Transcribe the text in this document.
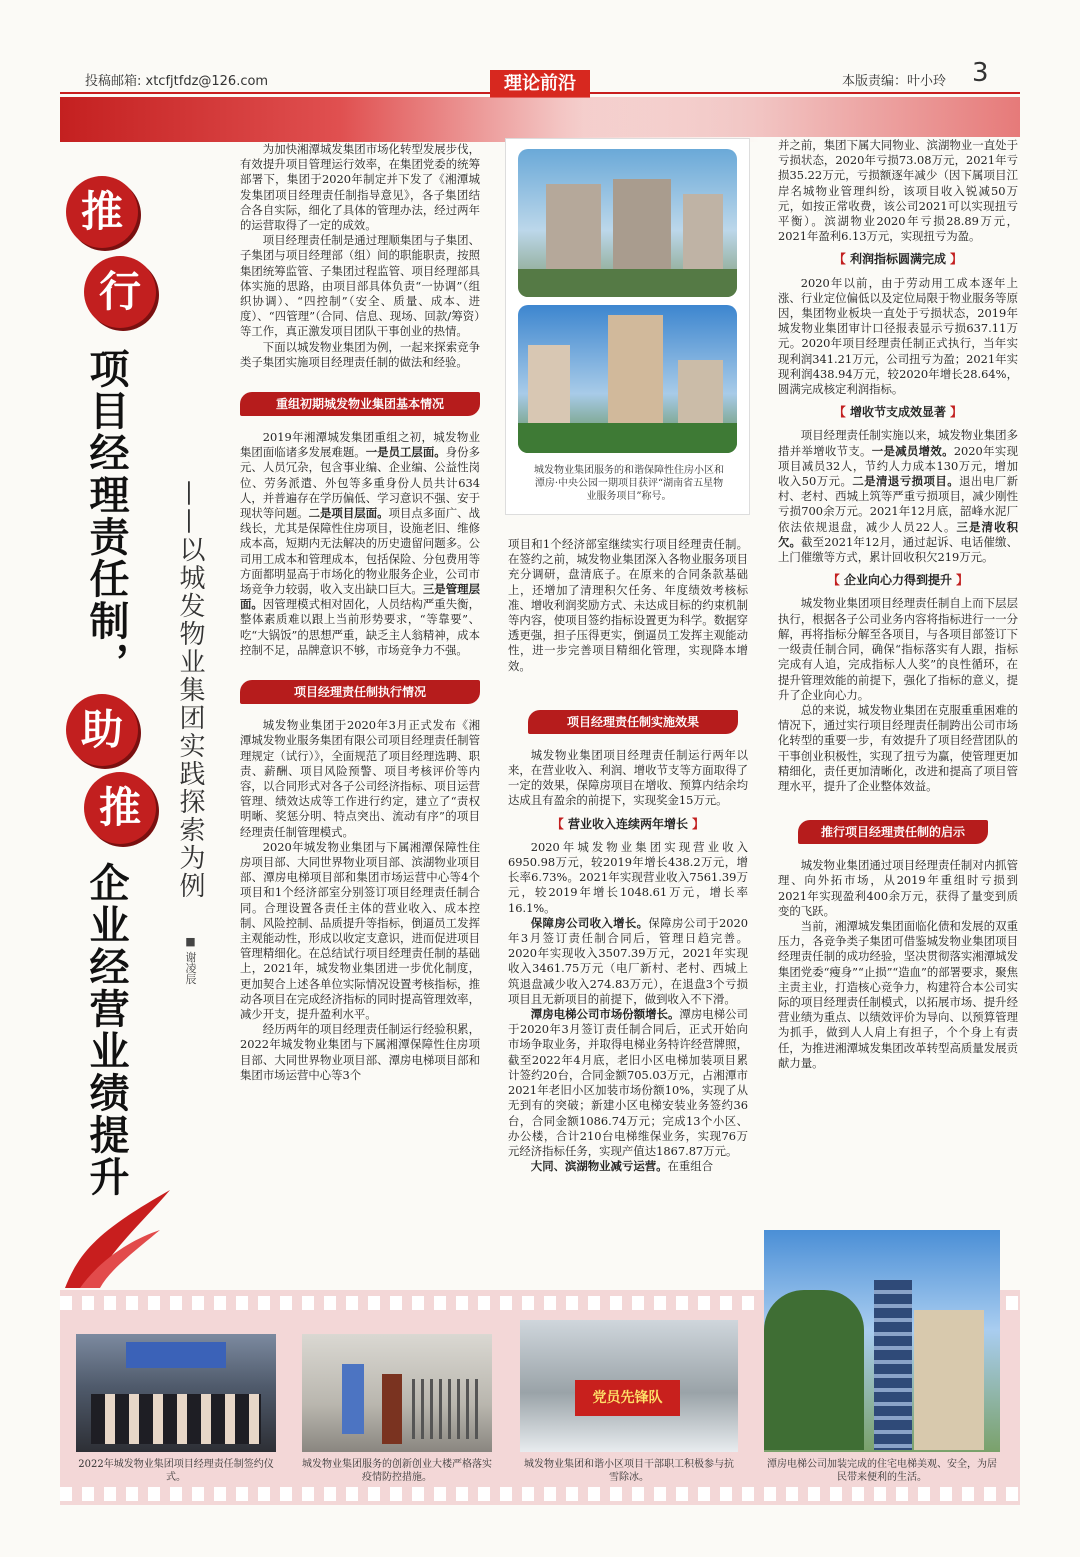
投稿邮箱: xtcfjtfdz@126.com	理论前沿	本版责编：叶小玲 3
推
行
项目经理责任制，
助
推
企业经营业绩提升
——以城发物业集团实践探索为例
■ 谢凌辰

为加快湘潭城发集团市场化转型发展步伐，有效提升项目管理运行效率，在集团党委的统筹部署下，集团于2020年制定并下发了《湘潭城发集团项目经理责任制指导意见》，各子集团结合各自实际，细化了具体的管理办法，经过两年的运营取得了一定的成效。

项目经理责任制是通过理顺集团与子集团、子集团与项目经理部（组）间的职能职责，按照集团统筹监管、子集团过程监管、项目经理部具体实施的思路，由项目部具体负责“一协调”（组织协调）、“四控制”（安全、质量、成本、进度）、“四管理”（合同、信息、现场、回款/筹资）等工作，真正激发项目团队干事创业的热情。

下面以城发物业集团为例，一起来探索竞争类子集团实施项目经理责任制的做法和经验。

重组初期城发物业集团基本情况

2019年湘潭城发集团重组之初，城发物业集团面临诸多发展难题。一是员工层面。身份多元、人员冗杂，包含事业编、企业编、公益性岗位、劳务派遣、外包等多重身份人员共计634人，并普遍存在学历偏低、学习意识不强、安于现状等问题。二是项目层面。项目点多面广、战线长，尤其是保障性住房项目，设施老旧、维修成本高，短期内无法解决的历史遗留问题多。公司用工成本和管理成本，包括保险、分包费用等方面都明显高于市场化的物业服务企业，公司市场竞争力较弱，收入支出缺口巨大。三是管理层面。因管理模式相对固化，人员结构严重失衡，整体素质难以跟上当前形势要求，“等靠要”、吃“大锅饭”的思想严重，缺乏主人翁精神，成本控制不足，品牌意识不够，市场竞争力不强。

项目经理责任制执行情况

城发物业集团于2020年3月正式发布《湘潭城发物业服务集团有限公司项目经理责任制管理规定（试行）》，全面规范了项目经理选聘、职责、薪酬、项目风险预警、项目考核评价等内容，以合同形式对各子公司经济指标、项目运营管理、绩效达成等工作进行约定，建立了“责权明晰、奖惩分明、特点突出、流动有序”的项目经理责任制管理模式。

2020年城发物业集团与下属湘潭保障性住房项目部、大同世界物业项目部、滨湖物业项目部、潭房电梯项目部和集团市场运营中心等4个项目和1个经济部室分别签订项目经理责任制合同。合理设置各责任主体的营业收入、成本控制、风险控制、品质提升等指标，倒逼员工发挥主观能动性，形成以收定支意识，进而促进项目管理精细化。在总结试行项目经理责任制的基础上，2021年，城发物业集团进一步优化制度，更加契合上述各单位实际情况设置考核指标，推动各项目在完成经济指标的同时提高管理效率，减少开支，提升盈利水平。

经历两年的项目经理责任制运行经验积累，2022年城发物业集团与下属湘潭保障性住房项目部、大同世界物业项目部、潭房电梯项目部和集团市场运营中心等3个

城发物业集团服务的和谐保障性住房小区和潭房·中央公园一期项目获评“湖南省五星物业服务项目”称号。

项目和1个经济部室继续实行项目经理责任制。在签约之前，城发物业集团深入各物业服务项目充分调研，盘清底子。在原来的合同条款基础上，还增加了清理积欠任务、年度绩效考核标准、增收利润奖励方式、未达成目标的约束机制等内容，使项目签约指标设置更为科学。数据穿透更强，担子压得更实，倒逼员工发挥主观能动性，进一步完善项目精细化管理，实现降本增效。

项目经理责任制实施效果

城发物业集团项目经理责任制运行两年以来，在营业收入、利润、增收节支等方面取得了一定的效果，保障房项目在增收、预算内结余均达成且有盈余的前提下，实现奖金15万元。

【 营业收入连续两年增长 】

2020年城发物业集团实现营业收入6950.98万元，较2019年增长438.2万元，增长率6.73%。2021年实现营业收入7561.39万元，较2019年增长1048.61万元，增长率16.1%。

保障房公司收入增长。保障房公司于2020年3月签订责任制合同后，管理日趋完善。2020年实现收入3507.39万元，2021年实现收入3461.75万元（电厂新村、老村、西城上筑退盘减少收入274.83万元），在退盘3个亏损项目且无新项目的前提下，做到收入不下滑。

潭房电梯公司市场份额增长。潭房电梯公司于2020年3月签订责任制合同后，正式开始向市场争取业务，并取得电梯业务特许经营牌照，截至2022年4月底，老旧小区电梯加装项目累计签约20台，合同金额705.03万元，占湘潭市2021年老旧小区加装市场份额10%，实现了从无到有的突破；新建小区电梯安装业务签约36台，合同金额1086.74万元；完成13个小区、办公楼，合计210台电梯维保业务，实现76万元经济指标任务，实现产值达1867.87万元。

大同、滨湖物业减亏运营。在重组合

并之前，集团下属大同物业、滨湖物业一直处于亏损状态，2020年亏损73.08万元，2021年亏损35.22万元，亏损额逐年减少（因下属项目江岸名城物业管理纠纷，该项目收入锐减50万元，如按正常收费，该公司2021可以实现扭亏平衡）。滨湖物业2020年亏损28.89万元，2021年盈利6.13万元，实现扭亏为盈。

【 利润指标圆满完成 】

2020年以前，由于劳动用工成本逐年上涨、行业定位偏低以及定位局限于物业服务等原因，集团物业板块一直处于亏损状态，2019年城发物业集团审计口径报表显示亏损637.11万元。2020年项目经理责任制正式执行，当年实现利润341.21万元，公司扭亏为盈；2021年实现利润438.94万元，较2020年增长28.64%，圆满完成核定利润指标。

【 增收节支成效显著 】

项目经理责任制实施以来，城发物业集团多措并举增收节支。一是减员增效。2020年实现项目减员32人，节约人力成本130万元，增加收入50万元。二是清退亏损项目。退出电厂新村、老村、西城上筑等严重亏损项目，减少刚性亏损700余万元。2021年12月底，韶峰水泥厂依法依规退盘，减少人员22人。三是清收积欠。截至2021年12月，通过起诉、电话催缴、上门催缴等方式，累计回收积欠219万元。

【 企业向心力得到提升 】

城发物业集团项目经理责任制自上而下层层执行，根据各子公司业务内容将指标进行一一分解，再将指标分解至各项目，与各项目部签订下一级责任制合同，确保“指标落实有人跟，指标完成有人追，完成指标人人奖”的良性循环，在提升管理效能的前提下，强化了指标的意义，提升了企业向心力。

总的来说，城发物业集团在克服重重困难的情况下，通过实行项目经理责任制跨出公司市场化转型的重要一步，有效提升了项目经营团队的干事创业积极性，实现了扭亏为赢，使管理更加精细化，责任更加清晰化，改进和提高了项目管理水平，提升了企业整体效益。

推行项目经理责任制的启示

城发物业集团通过项目经理责任制对内抓管理、向外拓市场，从2019年重组时亏损到2021年实现盈利400余万元，获得了量变到质变的飞跃。

当前，湘潭城发集团面临化债和发展的双重压力，各竞争类子集团可借鉴城发物业集团项目经理责任制的成功经验，坚决贯彻落实湘潭城发集团党委“瘦身”“止损”“造血”的部署要求，聚焦主责主业，打造核心竞争力，构建符合本公司实际的项目经理责任制模式，以拓展市场、提升经营业绩为重点、以绩效评价为导向、以预算管理为抓手，做到人人肩上有担子，个个身上有责任，为推进湘潭城发集团改革转型高质量发展贡献力量。

2022年城发物业集团项目经理责任制签约仪式。
城发物业集团服务的创新创业大楼严格落实疫情防控措施。
党员先锋队
城发物业集团和谐小区项目干部职工积极参与抗雪除冰。
潭房电梯公司加装完成的住宅电梯美观、安全，为居民带来便利的生活。
